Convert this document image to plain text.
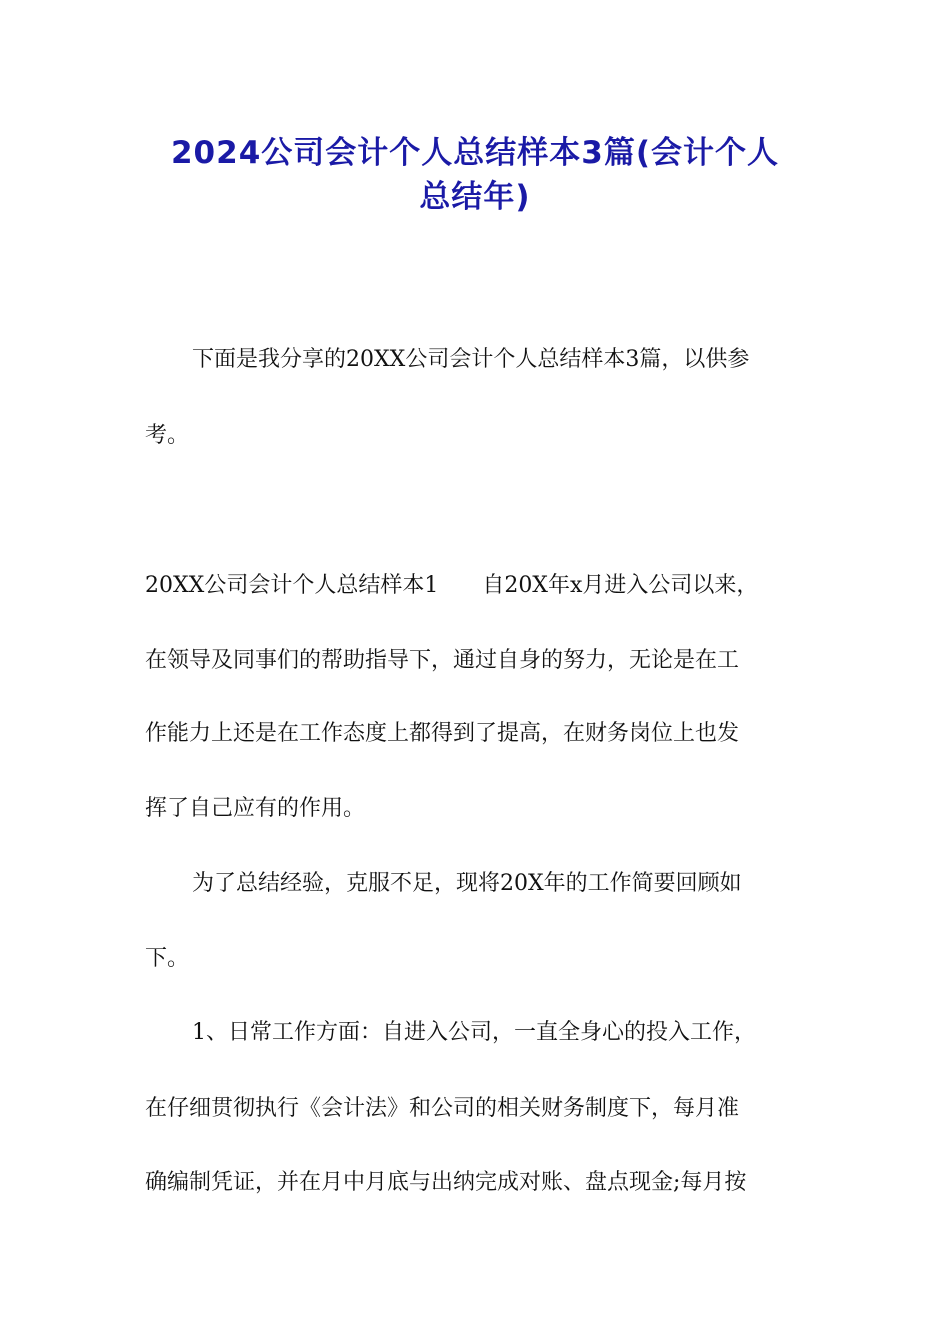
2024公司会计个人总结样本3篇(会计个人
总结年)

下面是我分享的20XX公司会计个人总结样本3篇，以供参

考。

20XX公司会计个人总结样本1　　自20X年x月进入公司以来，

在领导及同事们的帮助指导下，通过自身的努力，无论是在工

作能力上还是在工作态度上都得到了提高，在财务岗位上也发

挥了自己应有的作用。

为了总结经验，克服不足，现将20X年的工作简要回顾如

下。

1、日常工作方面：自进入公司，一直全身心的投入工作，

在仔细贯彻执行《会计法》和公司的相关财务制度下，每月准

确编制凭证，并在月中月底与出纳完成对账、盘点现金;每月按
